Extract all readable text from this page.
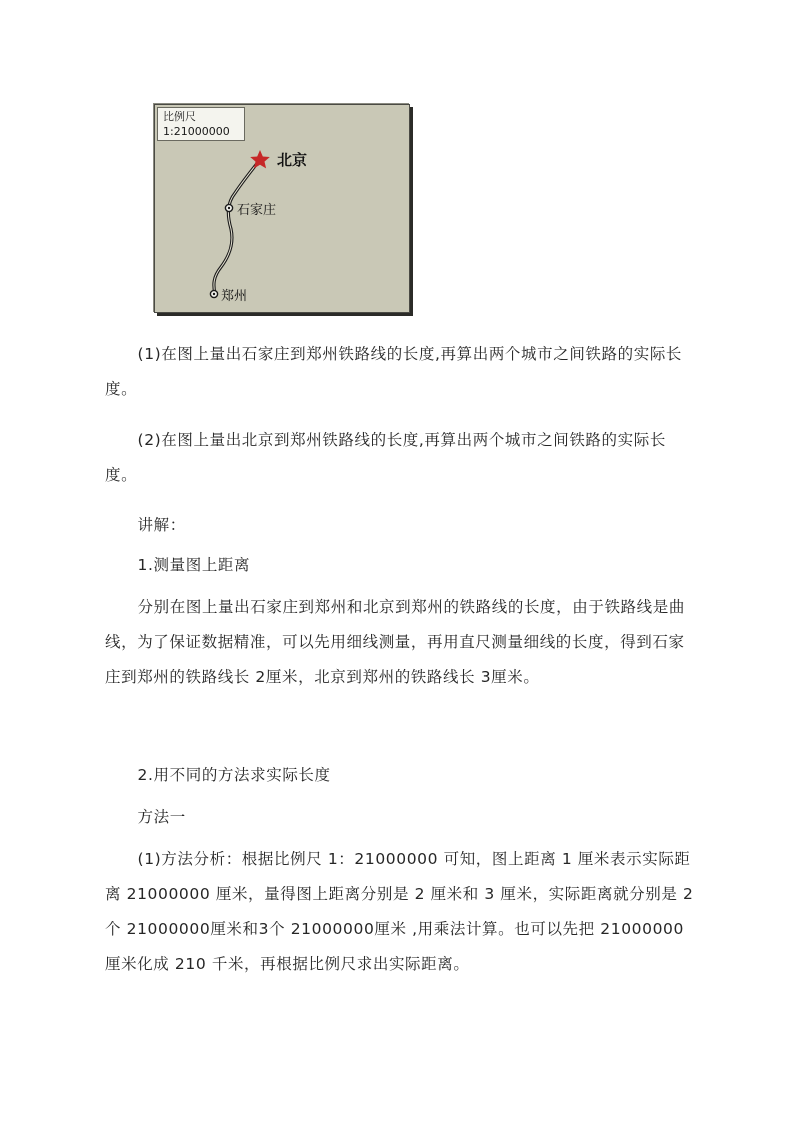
比例尺
1:21000000
北京
石家庄
郑州

(1)在图上量出石家庄到郑州铁路线的长度,再算出两个城市之间铁路的实际长度。

(2)在图上量出北京到郑州铁路线的长度,再算出两个城市之间铁路的实际长度。

讲解：

1.测量图上距离

分别在图上量出石家庄到郑州和北京到郑州的铁路线的长度，由于铁路线是曲线，为了保证数据精准，可以先用细线测量，再用直尺测量细线的长度，得到石家庄到郑州的铁路线长 2厘米，北京到郑州的铁路线长 3厘米。

2.用不同的方法求实际长度

方法一

(1)方法分析：根据比例尺 1：21000000 可知，图上距离 1 厘米表示实际距离 21000000 厘米，量得图上距离分别是 2 厘米和 3 厘米，实际距离就分别是 2个 21000000厘米和3个 21000000厘米 ,用乘法计算。也可以先把 21000000 厘米化成 210 千米，再根据比例尺求出实际距离。
